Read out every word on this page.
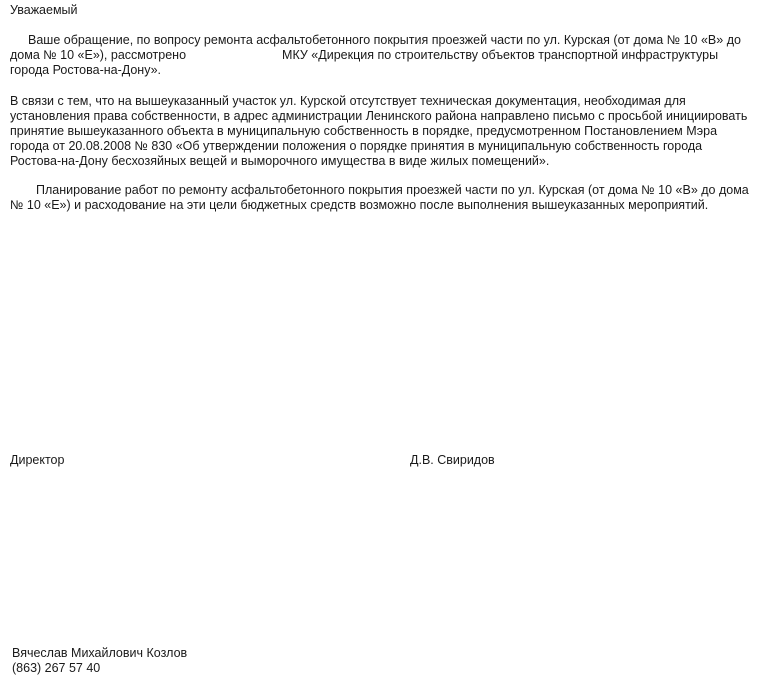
Уважаемый

Ваше обращение, по вопросу ремонта асфальтобетонного покрытия проезжей части по ул. Курская (от дома № 10 «В» до дома № 10 «Е»), рассмотрено	МКУ «Дирекция по строительству объектов транспортной инфраструктуры города Ростова-на-Дону».

В связи с тем, что на вышеуказанный участок ул. Курской отсутствует техническая документация, необходимая для установления права собственности, в адрес администрации Ленинского района направлено письмо с просьбой инициировать принятие вышеуказанного объекта в муниципальную собственность в порядке, предусмотренном Постановлением Мэра города от 20.08.2008 № 830 «Об утверждении положения о порядке принятия в муниципальную собственность города Ростова-на-Дону бесхозяйных вещей и выморочного имущества в виде жилых помещений».

Планирование работ по ремонту асфальтобетонного покрытия проезжей части по ул. Курская (от дома № 10 «В» до дома № 10 «Е») и расходование на эти цели бюджетных средств возможно после выполнения вышеуказанных мероприятий.

Директор	Д.В. Свиридов
Вячеслав Михайлович Козлов
(863) 267 57 40
